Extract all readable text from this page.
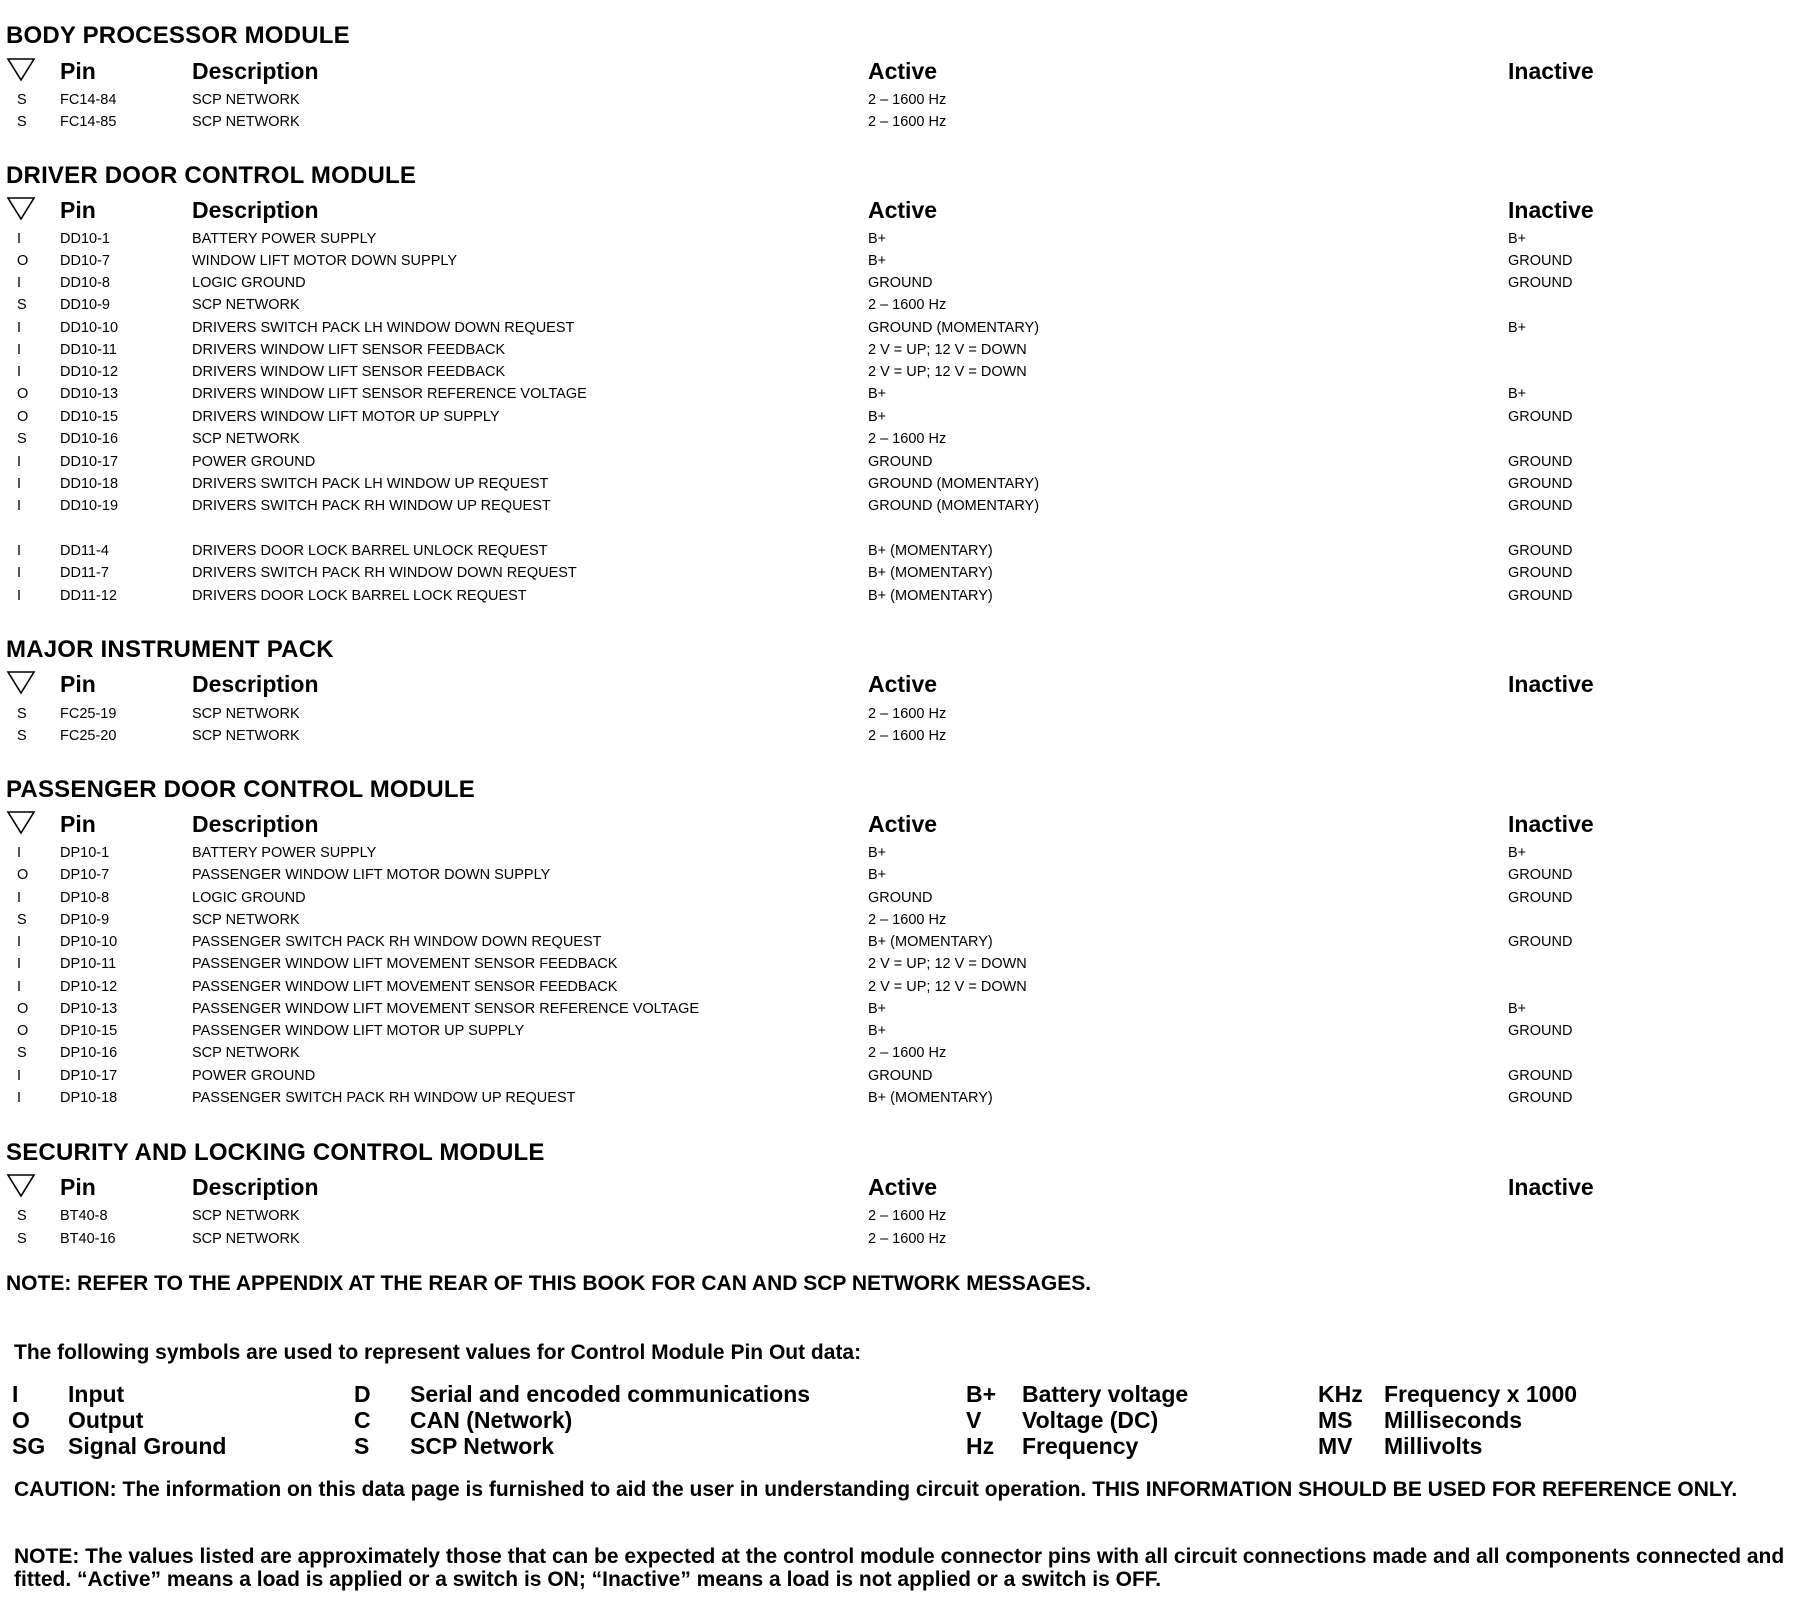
BODY PROCESSOR MODULE
Pin	Description	Active	Inactive
S FC14-84	SCP NETWORK	2 – 1600 Hz
S FC14-85	SCP NETWORK	2 – 1600 Hz
DRIVER DOOR CONTROL MODULE
Pin	Description	Active	Inactive
I	DD10-1	BATTERY POWER SUPPLY	B+	B+
O DD10-7	WINDOW LIFT MOTOR DOWN SUPPLY	B+	GROUND
I	DD10-8	LOGIC GROUND	GROUND	GROUND
S DD10-9	SCP NETWORK	2 – 1600 Hz
I	DD10-10	DRIVERS SWITCH PACK LH WINDOW DOWN REQUEST	GROUND (MOMENTARY)	B+
I	DD10-11	DRIVERS WINDOW LIFT SENSOR FEEDBACK	2 V = UP; 12 V = DOWN
I	DD10-12	DRIVERS WINDOW LIFT SENSOR FEEDBACK	2 V = UP; 12 V = DOWN
O DD10-13	DRIVERS WINDOW LIFT SENSOR REFERENCE VOLTAGE	B+	B+
O DD10-15	DRIVERS WINDOW LIFT MOTOR UP SUPPLY	B+	GROUND
S DD10-16	SCP NETWORK	2 – 1600 Hz
I	DD10-17	POWER GROUND	GROUND	GROUND
I	DD10-18	DRIVERS SWITCH PACK LH WINDOW UP REQUEST	GROUND (MOMENTARY)	GROUND
I	DD10-19	DRIVERS SWITCH PACK RH WINDOW UP REQUEST	GROUND (MOMENTARY)	GROUND
I	DD11-4	DRIVERS DOOR LOCK BARREL UNLOCK REQUEST	B+ (MOMENTARY)	GROUND
I	DD11-7	DRIVERS SWITCH PACK RH WINDOW DOWN REQUEST	B+ (MOMENTARY)	GROUND
I	DD11-12	DRIVERS DOOR LOCK BARREL LOCK REQUEST	B+ (MOMENTARY)	GROUND
MAJOR INSTRUMENT PACK
Pin	Description	Active	Inactive
S FC25-19	SCP NETWORK	2 – 1600 Hz
S FC25-20	SCP NETWORK	2 – 1600 Hz
PASSENGER DOOR CONTROL MODULE
Pin	Description	Active	Inactive
I	DP10-1	BATTERY POWER SUPPLY	B+	B+
O DP10-7	PASSENGER WINDOW LIFT MOTOR DOWN SUPPLY	B+	GROUND
I	DP10-8	LOGIC GROUND	GROUND	GROUND
S DP10-9	SCP NETWORK	2 – 1600 Hz
I	DP10-10	PASSENGER SWITCH PACK RH WINDOW DOWN REQUEST	B+ (MOMENTARY)	GROUND
I	DP10-11	PASSENGER WINDOW LIFT MOVEMENT SENSOR FEEDBACK	2 V = UP; 12 V = DOWN
I	DP10-12	PASSENGER WINDOW LIFT MOVEMENT SENSOR FEEDBACK	2 V = UP; 12 V = DOWN
O DP10-13	PASSENGER WINDOW LIFT MOVEMENT SENSOR REFERENCE VOLTAGE	B+	B+
O DP10-15	PASSENGER WINDOW LIFT MOTOR UP SUPPLY	B+	GROUND
S DP10-16	SCP NETWORK	2 – 1600 Hz
I	DP10-17	POWER GROUND	GROUND	GROUND
I	DP10-18	PASSENGER SWITCH PACK RH WINDOW UP REQUEST	B+ (MOMENTARY)	GROUND
SECURITY AND LOCKING CONTROL MODULE
Pin	Description	Active	Inactive
S BT40-8	SCP NETWORK	2 – 1600 Hz
S BT40-16	SCP NETWORK	2 – 1600 Hz
NOTE: REFER TO THE APPENDIX AT THE REAR OF THIS BOOK FOR CAN AND SCP NETWORK MESSAGES.
The following symbols are used to represent values for Control Module Pin Out data:
I Input
O Output
SG Signal Ground
D Serial and encoded communications
C CAN (Network)
S SCP Network
B+ Battery voltage
V Voltage (DC)
Hz Frequency
KHz Frequency x 1000
MS Milliseconds
MV Millivolts
CAUTION: The information on this data page is furnished to aid the user in understanding circuit operation. THIS INFORMATION SHOULD BE USED FOR REFERENCE ONLY.
NOTE: The values listed are approximately those that can be expected at the control module connector pins with all circuit connections made and all components connected and fitted. “Active” means a load is applied or a switch is ON; “Inactive” means a load is not applied or a switch is OFF.
